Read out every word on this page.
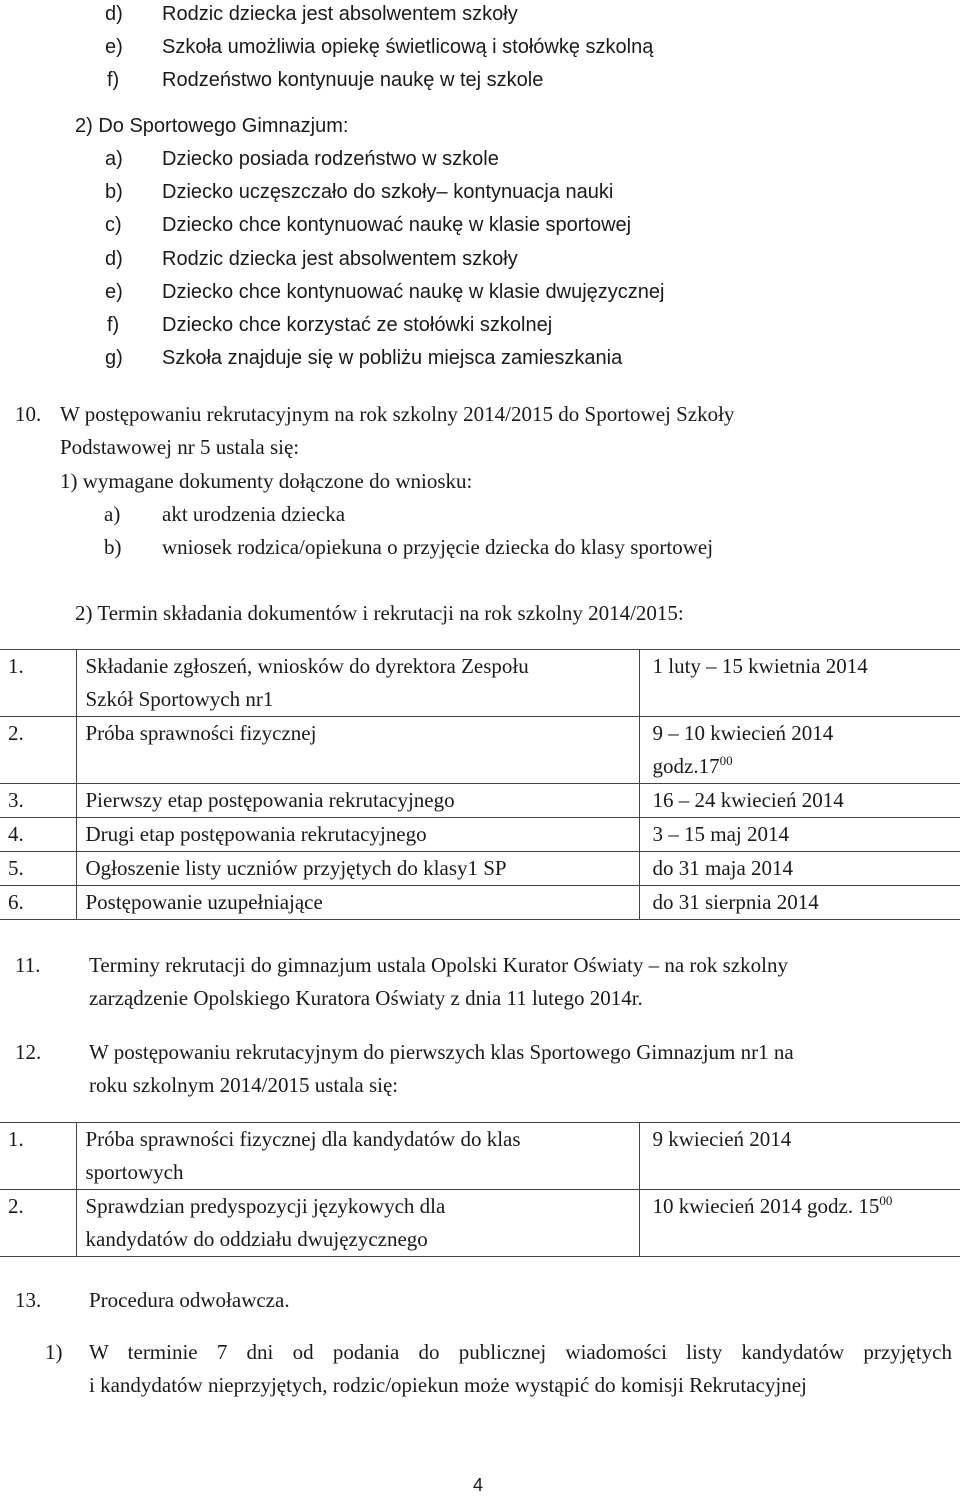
d) Rodzic dziecka jest absolwentem szkoły
e) Szkoła umożliwia opiekę świetlicową i stołówkę szkolną
f) Rodzeństwo kontynuuje naukę w tej szkole
2) Do Sportowego Gimnazjum:
a) Dziecko posiada rodzeństwo w szkole
b) Dziecko uczęszczało do szkoły– kontynuacja nauki
c) Dziecko chce kontynuować naukę w klasie sportowej
d) Rodzic dziecka jest absolwentem szkoły
e) Dziecko chce kontynuować naukę w klasie dwujęzycznej
f) Dziecko chce korzystać ze stołówki szkolnej
g) Szkoła znajduje się w pobliżu miejsca zamieszkania
10. W postępowaniu rekrutacyjnym na rok szkolny 2014/2015 do Sportowej Szkoły
Podstawowej nr 5 ustala się:
1) wymagane dokumenty dołączone do wniosku:
a) akt urodzenia dziecka
b) wniosek rodzica/opiekuna o przyjęcie dziecka do klasy sportowej
2) Termin składania dokumentów i rekrutacji na rok szkolny 2014/2015:
1.	Składanie zgłoszeń, wniosków do dyrektora Zespołu
Szkół Sportowych nr1	1 luty – 15 kwietnia 2014
2.	Próba sprawności fizycznej	9 – 10 kwiecień 2014
$godz.17^{00}$
3.	Pierwszy etap postępowania rekrutacyjnego	16 – 24 kwiecień 2014
4.	Drugi etap postępowania rekrutacyjnego	3 – 15 maj 2014
5.	Ogłoszenie listy uczniów przyjętych do klasy1 SP	do 31 maja 2014
6.	Postępowanie uzupełniające	do 31 sierpnia 2014
11. Terminy rekrutacji do gimnazjum ustala Opolski Kurator Oświaty – na rok szkolny
zarządzenie Opolskiego Kuratora Oświaty z dnia 11 lutego 2014r.
12. W postępowaniu rekrutacyjnym do pierwszych klas Sportowego Gimnazjum nr1 na
roku szkolnym 2014/2015 ustala się:
1.	Próba sprawności fizycznej dla kandydatów do klas
sportowych	9 kwiecień 2014
2.	Sprawdzian predyspozycji językowych dla
kandydatów do oddziału dwujęzycznego	10 kwiecień 2014 godz. $15^{00}$
13. Procedura odwoławcza.
1) W terminie 7 dni od podania do publicznej wiadomości listy kandydatów przyjętych
i kandydatów nieprzyjętych, rodzic/opiekun może wystąpić do komisji Rekrutacyjnej
4
